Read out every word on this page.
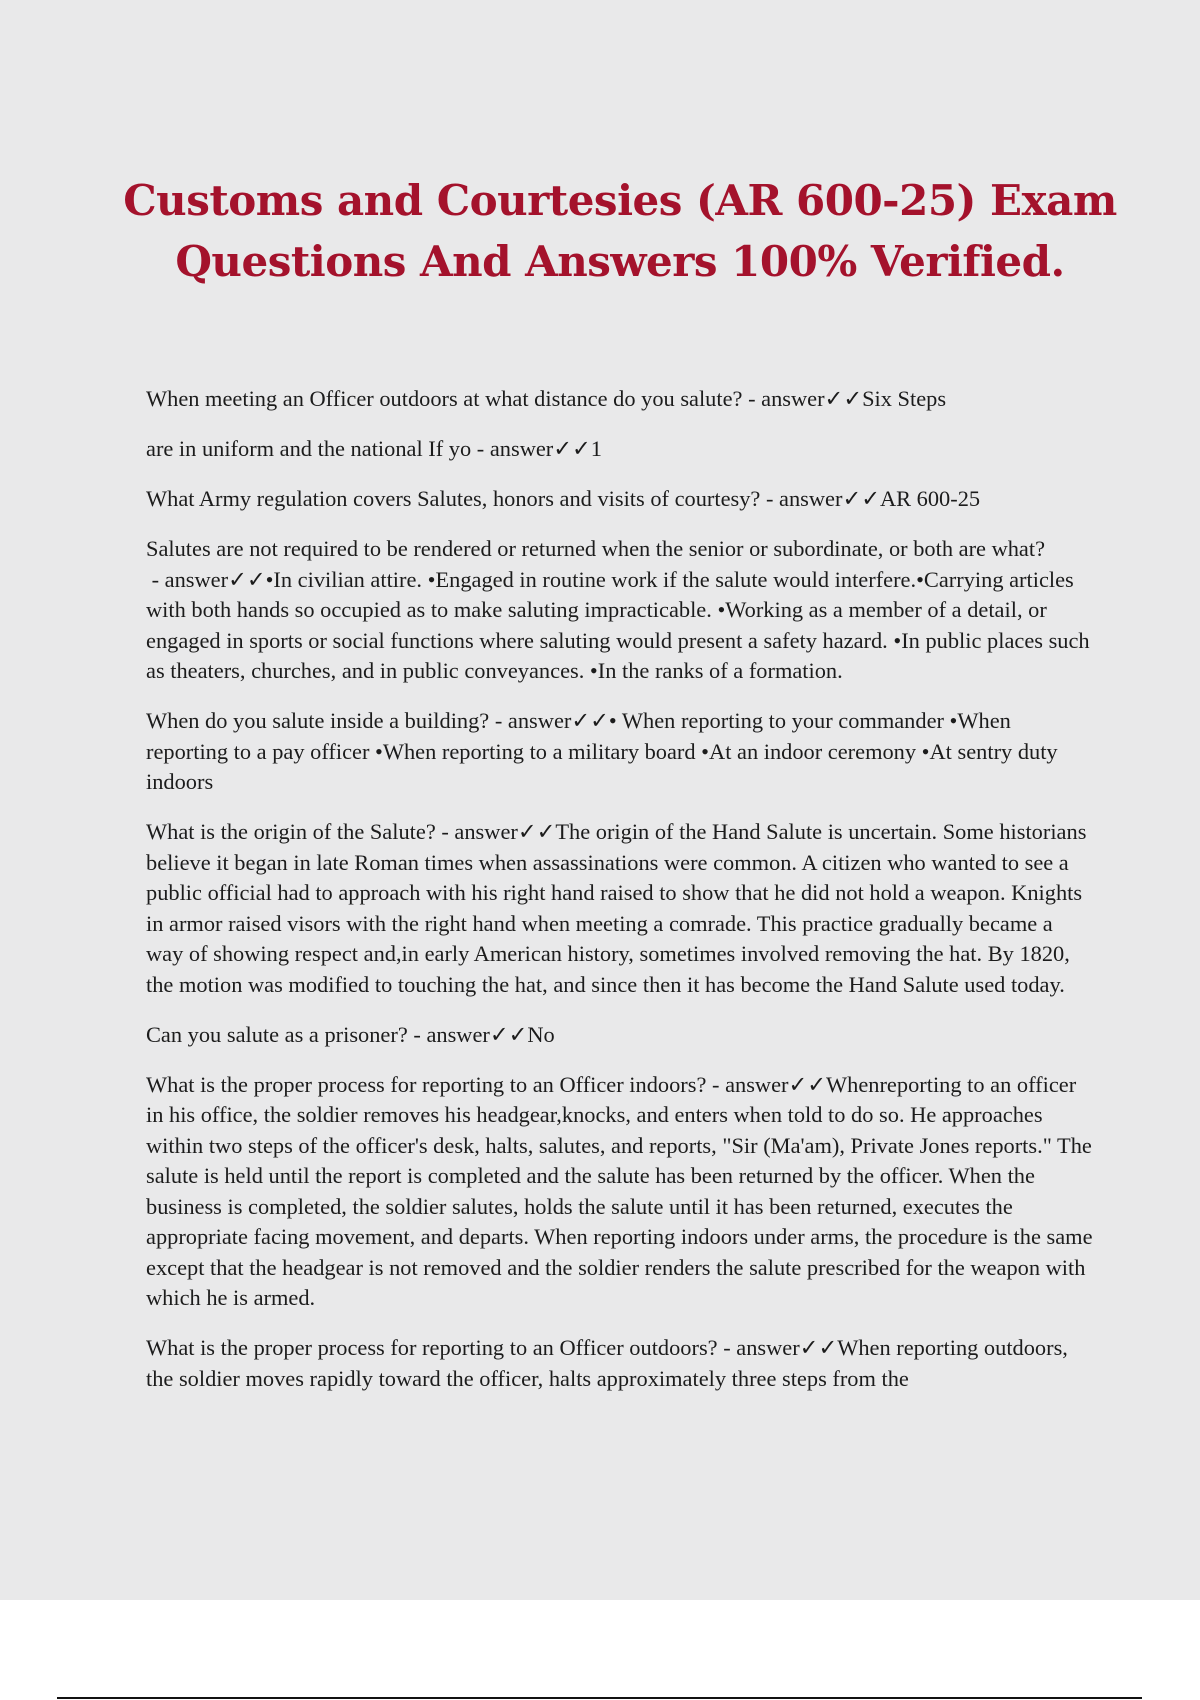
Customs and Courtesies (AR 600-25) Exam
Questions And Answers 100% Verified.

When meeting an Officer outdoors at what distance do you salute? - answer✓✓Six Steps

are in uniform and the national If yo - answer✓✓1

What Army regulation covers Salutes, honors and visits of courtesy? - answer✓✓AR 600-25

Salutes are not required to be rendered or returned when the senior or subordinate, or both are what? - answer✓✓•In civilian attire. •Engaged in routine work if the salute would interfere.•Carrying articles with both hands so occupied as to make saluting impracticable. •Working as a member of a detail, or engaged in sports or social functions where saluting would present a safety hazard. •In public places such as theaters, churches, and in public conveyances. •In the ranks of a formation.

When do you salute inside a building? - answer✓✓• When reporting to your commander •When reporting to a pay officer •When reporting to a military board •At an indoor ceremony •At sentry duty indoors

What is the origin of the Salute? - answer✓✓The origin of the Hand Salute is uncertain. Some historians believe it began in late Roman times when assassinations were common. A citizen who wanted to see a public official had to approach with his right hand raised to show that he did not hold a weapon. Knights in armor raised visors with the right hand when meeting a comrade. This practice gradually became a way of showing respect and,in early American history, sometimes involved removing the hat. By 1820, the motion was modified to touching the hat, and since then it has become the Hand Salute used today.

Can you salute as a prisoner? - answer✓✓No

What is the proper process for reporting to an Officer indoors? - answer✓✓Whenreporting to an officer in his office, the soldier removes his headgear,knocks, and enters when told to do so. He approaches within two steps of the officer's desk, halts, salutes, and reports, "Sir (Ma'am), Private Jones reports." The salute is held until the report is completed and the salute has been returned by the officer. When the business is completed, the soldier salutes, holds the salute until it has been returned, executes the appropriate facing movement, and departs. When reporting indoors under arms, the procedure is the same except that the headgear is not removed and the soldier renders the salute prescribed for the weapon with which he is armed.

What is the proper process for reporting to an Officer outdoors? - answer✓✓When reporting outdoors, the soldier moves rapidly toward the officer, halts approximately three steps from the
